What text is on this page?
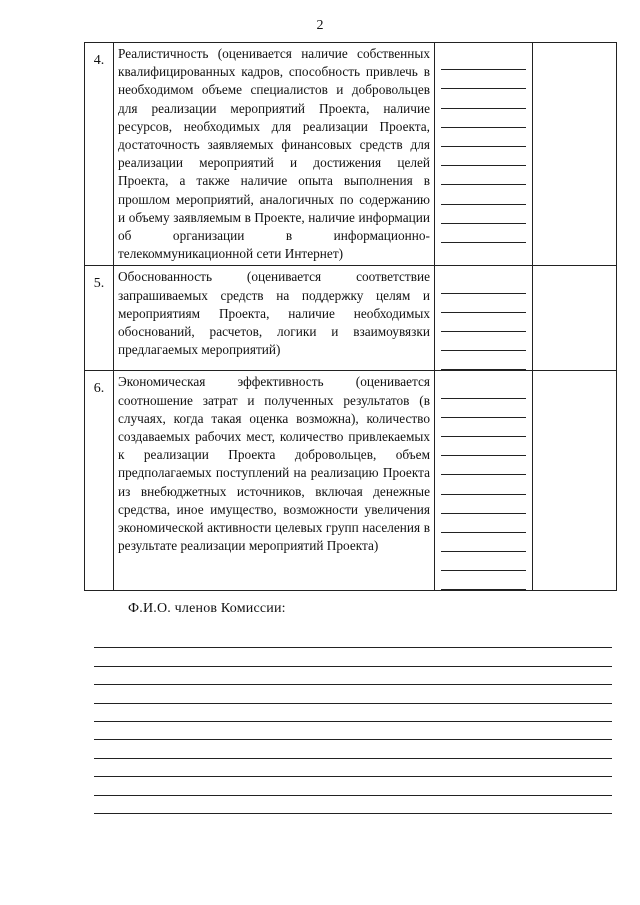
2
4.	Реалистичность (оценивается наличие собственных квалифицированных кадров, способность привлечь в необходимом объеме специалистов и добровольцев для реализации мероприятий Проекта, наличие ресурсов, необходимых для реализации Проекта, достаточность заявляемых финансовых средств для реализации мероприятий и достижения целей Проекта, а также наличие опыта выполнения в прошлом мероприятий, аналогичных по содержанию и объему заявляемым в Проекте, наличие информации об организации в информационно-телекоммуникационной сети Интернет)		

5.	Обоснованность (оценивается соответствие запрашиваемых средств на поддержку целям и мероприятиям Проекта, наличие необходимых обоснований, расчетов, логики и взаимоувязки предлагаемых мероприятий)		

6.	Экономическая эффективность (оценивается соотношение затрат и полученных результатов (в случаях, когда такая оценка возможна), количество создаваемых рабочих мест, количество привлекаемых к реализации Проекта добровольцев, объем предполагаемых поступлений на реализацию Проекта из внебюджетных источников, включая денежные средства, иное имущество, возможности увеличения экономической активности целевых групп населения в результате реализации мероприятий Проекта)		

Ф.И.О. членов Комиссии:
